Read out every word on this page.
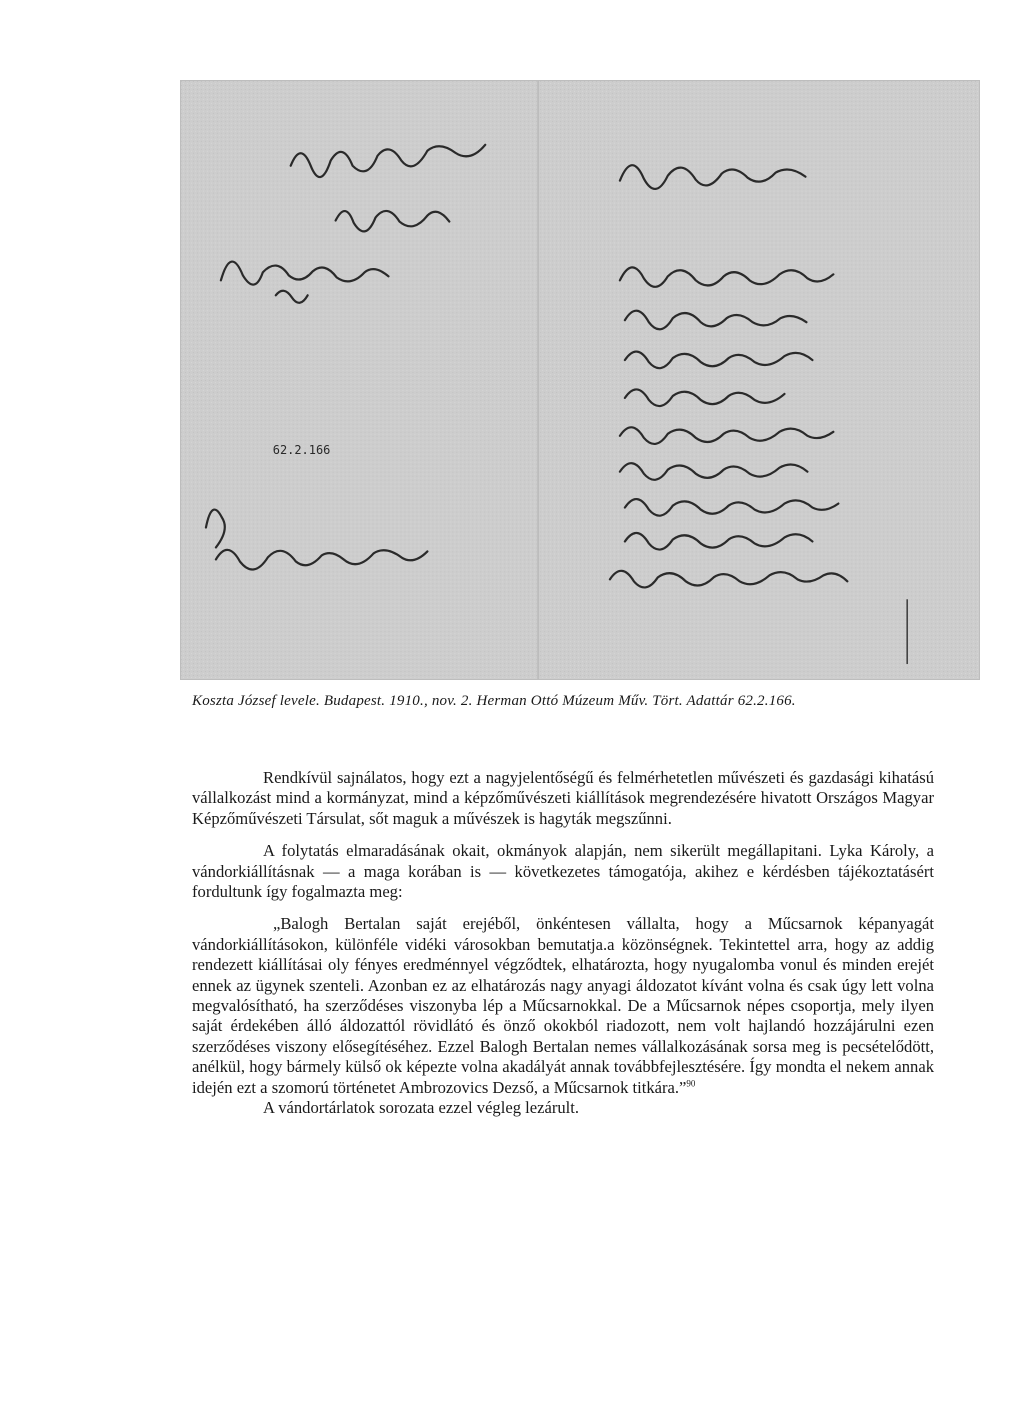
62.2.166
Koszta József levele. Budapest. 1910., nov. 2. Herman Ottó Múzeum Műv. Tört. Adattár 62.2.166.

Rendkívül sajnálatos, hogy ezt a nagyjelentőségű és felmérhetetlen művészeti és gazdasági kihatású vállalkozást mind a kormányzat, mind a képzőművészeti kiállítások megrendezésére hivatott Országos Magyar Képzőművészeti Társulat, sőt maguk a művészek is hagyták megszűnni.

A folytatás elmaradásának okait, okmányok alapján, nem sikerült megállapitani. Lyka Károly, a vándorkiállításnak — a maga korában is — következetes támogatója, akihez e kérdésben tájékoztatásért fordultunk így fogalmazta meg:

„Balogh Bertalan saját erejéből, önkéntesen vállalta, hogy a Műcsarnok képanyagát vándorkiállításokon, különféle vidéki városokban bemutatja.a közönségnek. Tekintettel arra, hogy az addig rendezett kiállításai oly fényes eredménnyel végződtek, elhatározta, hogy nyugalomba vonul és minden erejét ennek az ügynek szenteli. Azonban ez az elhatározás nagy anyagi áldozatot kívánt volna és csak úgy lett volna megvalósítható, ha szerződéses viszonyba lép a Műcsarnokkal. De a Műcsarnok népes csoportja, mely ilyen saját érdekében álló áldozattól rövidlátó és önző okokból riadozott, nem volt hajlandó hozzájárulni ezen szerződéses viszony elősegítéséhez. Ezzel Balogh Bertalan nemes vállalkozásának sorsa meg is pecsételődött, anélkül, hogy bármely külső ok képezte volna akadályát annak továbbfejlesztésére. Így mondta el nekem annak idején ezt a szomorú történetet Ambrozovics Dezső, a Műcsarnok titkára.”$^{90}$

A vándortárlatok sorozata ezzel végleg lezárult.
